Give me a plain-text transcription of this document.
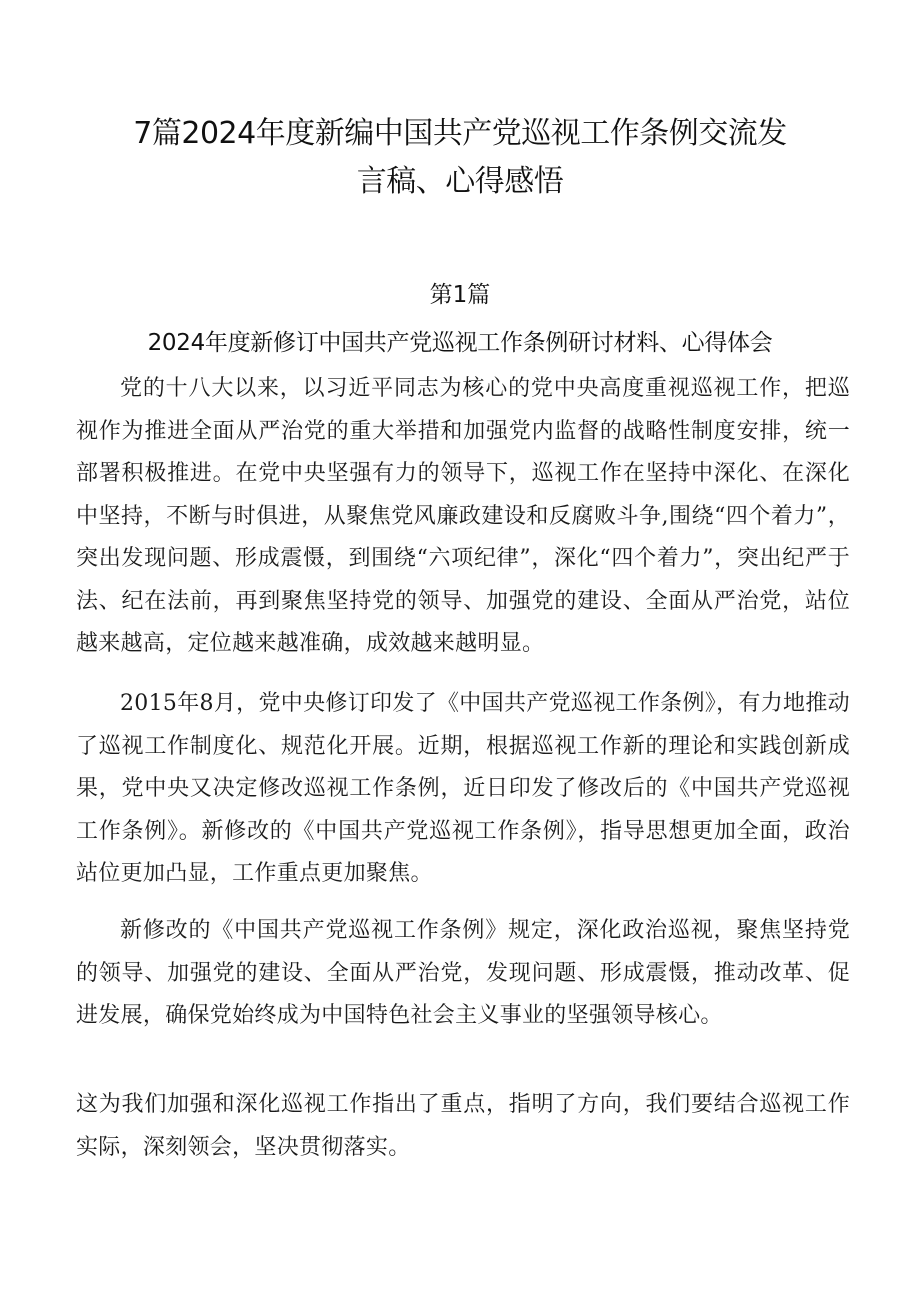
7篇2024年度新编中国共产党巡视工作条例交流发
言稿、心得感悟
第1篇
2024年度新修订中国共产党巡视工作条例研讨材料、心得体会

党的十八大以来，以习近平同志为核心的党中央高度重视巡视工作，把巡视作为推进全面从严治党的重大举措和加强党内监督的战略性制度安排，统一部署积极推进。在党中央坚强有力的领导下，巡视工作在坚持中深化、在深化中坚持，不断与时俱进，从聚焦党风廉政建设和反腐败斗争,围绕“四个着力”，突出发现问题、形成震慑，到围绕“六项纪律”，深化“四个着力”，突出纪严于法、纪在法前，再到聚焦坚持党的领导、加强党的建设、全面从严治党，站位越来越高，定位越来越准确，成效越来越明显。

2015年8月，党中央修订印发了《中国共产党巡视工作条例》，有力地推动了巡视工作制度化、规范化开展。近期，根据巡视工作新的理论和实践创新成果，党中央又决定修改巡视工作条例，近日印发了修改后的《中国共产党巡视工作条例》。新修改的《中国共产党巡视工作条例》，指导思想更加全面，政治站位更加凸显，工作重点更加聚焦。

新修改的《中国共产党巡视工作条例》规定，深化政治巡视，聚焦坚持党的领导、加强党的建设、全面从严治党，发现问题、形成震慑，推动改革、促进发展，确保党始终成为中国特色社会主义事业的坚强领导核心。

这为我们加强和深化巡视工作指出了重点，指明了方向，我们要结合巡视工作实际，深刻领会，坚决贯彻落实。
